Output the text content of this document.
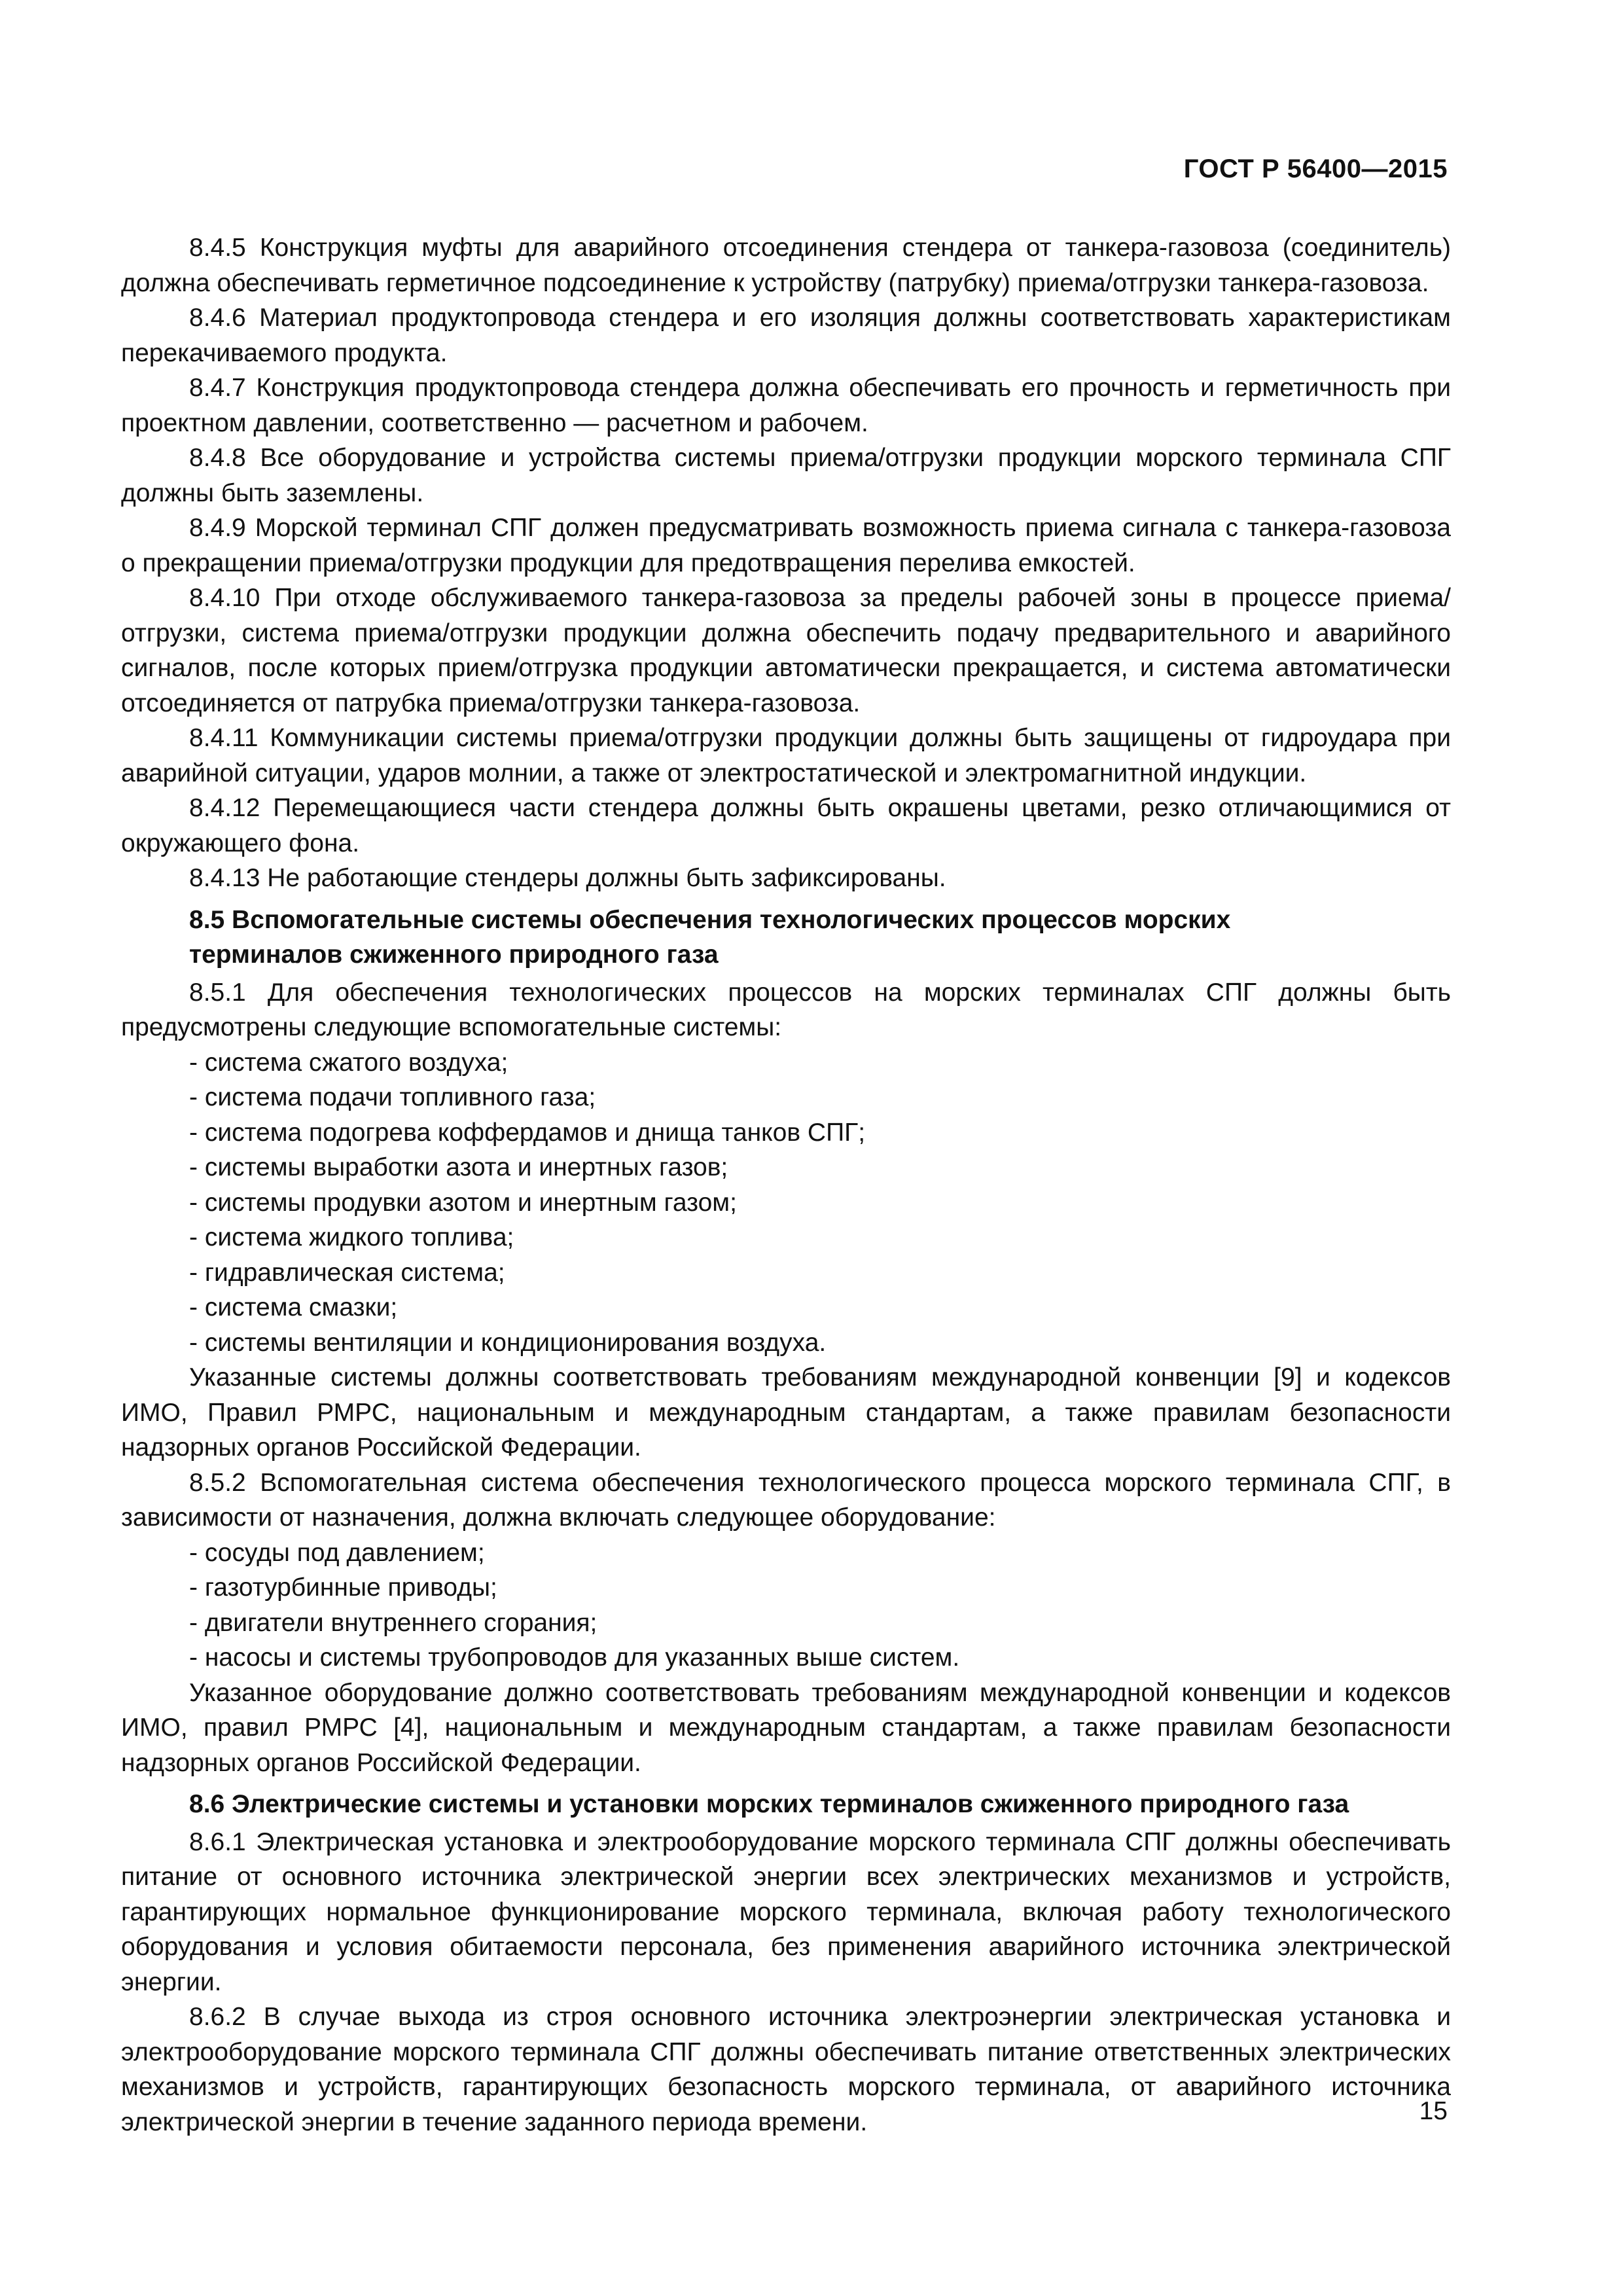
ГОСТ Р 56400—2015

8.4.5 Конструкция муфты для аварийного отсоединения стендера от танкера-газовоза (соединитель) должна обеспечивать герметичное подсоединение к устройству (патрубку) приема/отгрузки танкера-газовоза.

8.4.6 Материал продуктопровода стендера и его изоляция должны соответствовать характеристикам перекачиваемого продукта.

8.4.7 Конструкция продуктопровода стендера должна обеспечивать его прочность и герметичность при проектном давлении, соответственно — расчетном и рабочем.

8.4.8 Все оборудование и устройства системы приема/отгрузки продукции морского терминала СПГ должны быть заземлены.

8.4.9 Морской терминал СПГ должен предусматривать возможность приема сигнала с танкера-газовоза о прекращении приема/отгрузки продукции для предотвращения перелива емкостей.

8.4.10 При отходе обслуживаемого танкера-газовоза за пределы рабочей зоны в процессе приема/отгрузки, система приема/отгрузки продукции должна обеспечить подачу предварительного и аварийного сигналов, после которых прием/отгрузка продукции автоматически прекращается, и система автоматически отсоединяется от патрубка приема/отгрузки танкера-газовоза.

8.4.11 Коммуникации системы приема/отгрузки продукции должны быть защищены от гидроудара при аварийной ситуации, ударов молнии, а также от электростатической и электромагнитной индукции.

8.4.12 Перемещающиеся части стендера должны быть окрашены цветами, резко отличающимися от окружающего фона.

8.4.13 Не работающие стендеры должны быть зафиксированы.

8.5 Вспомогательные системы обеспечения технологических процессов морских
терминалов сжиженного природного газа

8.5.1 Для обеспечения технологических процессов на морских терминалах СПГ должны быть предусмотрены следующие вспомогательные системы:

- система сжатого воздуха;
- система подачи топливного газа;
- система подогрева коффердамов и днища танков СПГ;
- системы выработки азота и инертных газов;
- системы продувки азотом и инертным газом;
- система жидкого топлива;
- гидравлическая система;
- система смазки;
- системы вентиляции и кондиционирования воздуха.

Указанные системы должны соответствовать требованиям международной конвенции [9] и кодексов ИМО, Правил РМРС, национальным и международным стандартам, а также правилам безопасности надзорных органов Российской Федерации.

8.5.2 Вспомогательная система обеспечения технологического процесса морского терминала СПГ, в зависимости от назначения, должна включать следующее оборудование:

- сосуды под давлением;
- газотурбинные приводы;
- двигатели внутреннего сгорания;
- насосы и системы трубопроводов для указанных выше систем.

Указанное оборудование должно соответствовать требованиям международной конвенции и кодексов ИМО, правил РМРС [4], национальным и международным стандартам, а также правилам безопасности надзорных органов Российской Федерации.

8.6 Электрические системы и установки морских терминалов сжиженного природного газа

8.6.1 Электрическая установка и электрооборудование морского терминала СПГ должны обеспечивать питание от основного источника электрической энергии всех электрических механизмов и устройств, гарантирующих нормальное функционирование морского терминала, включая работу технологического оборудования и условия обитаемости персонала, без применения аварийного источника электрической энергии.

8.6.2 В случае выхода из строя основного источника электроэнергии электрическая установка и электрооборудование морского терминала СПГ должны обеспечивать питание ответственных электрических механизмов и устройств, гарантирующих безопасность морского терминала, от аварийного источника электрической энергии в течение заданного периода времени.	15
